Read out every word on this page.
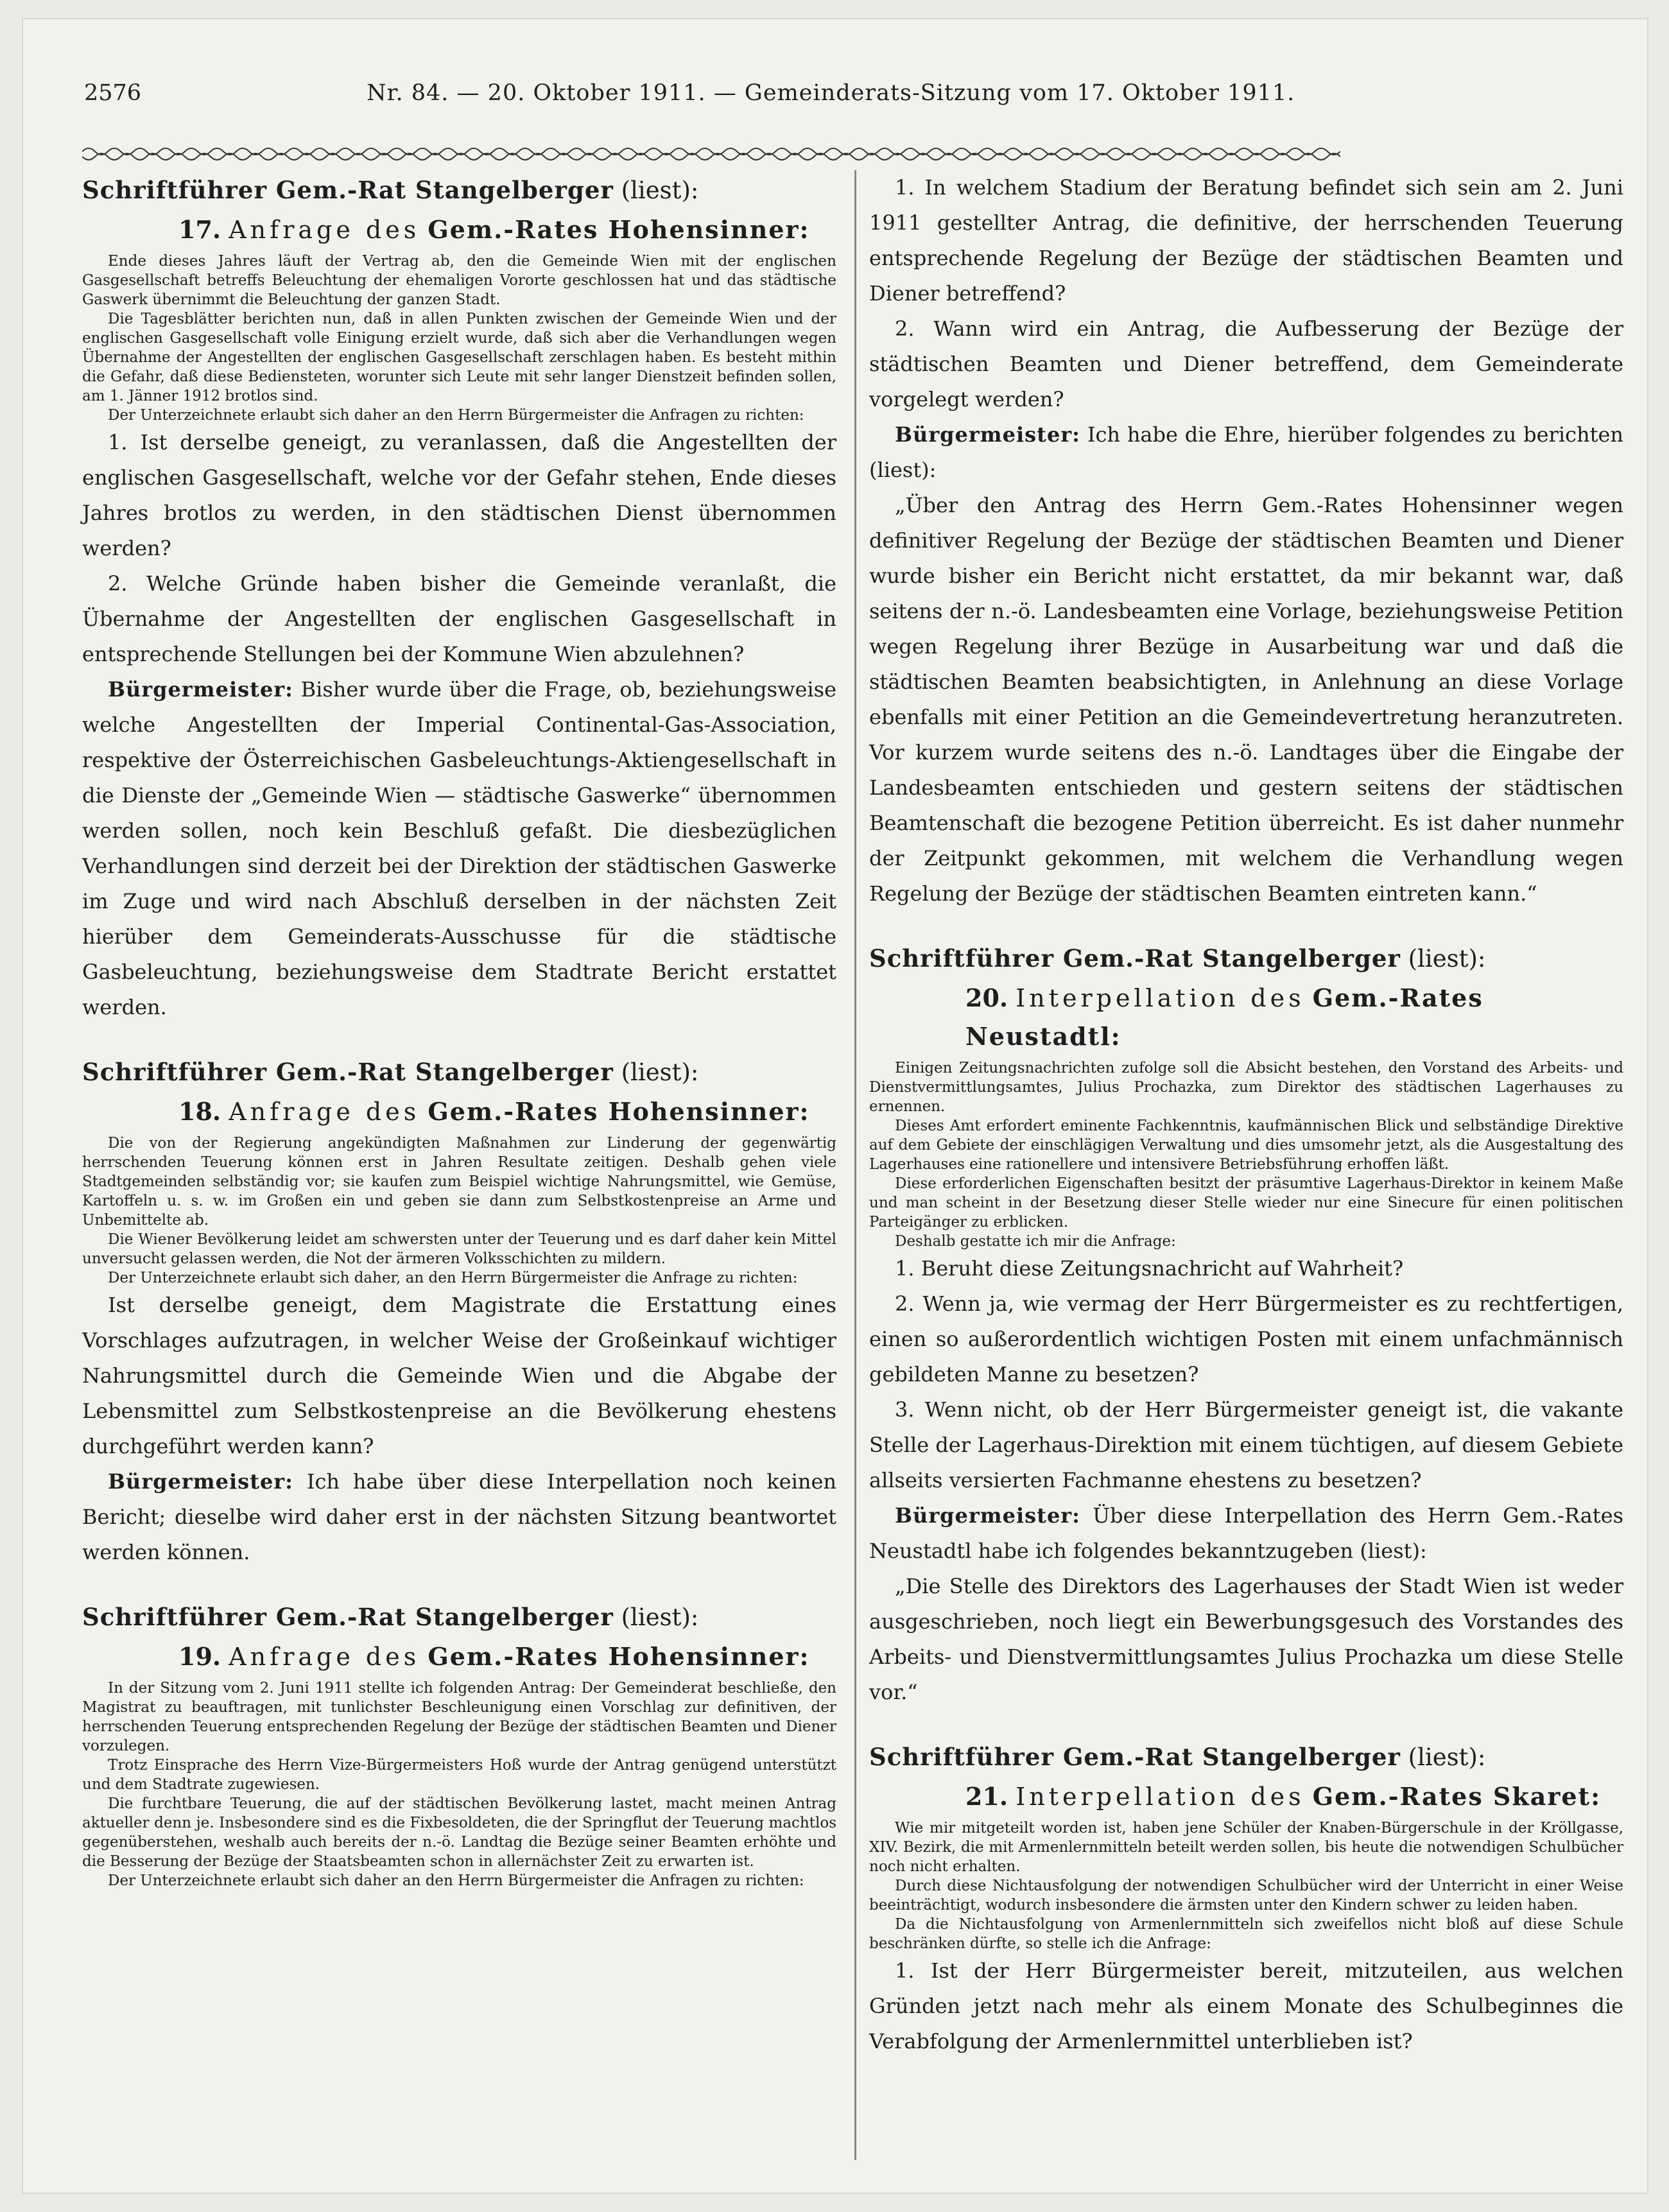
2576	Nr. 84. — 20. Oktober 1911. — Gemeinderats-Sitzung vom 17. Oktober 1911.

Schriftführer Gem.-Rat Stangelberger (liest):

17. Anfrage des Gem.-Rates Hohensinner:

Ende dieses Jahres läuft der Vertrag ab, den die Gemeinde Wien mit der englischen Gasgesellschaft betreffs Beleuchtung der ehemaligen Vororte geschlossen hat und das städtische Gaswerk übernimmt die Beleuchtung der ganzen Stadt.

Die Tagesblätter berichten nun, daß in allen Punkten zwischen der Gemeinde Wien und der englischen Gasgesellschaft volle Einigung erzielt wurde, daß sich aber die Verhandlungen wegen Übernahme der Angestellten der englischen Gasgesellschaft zerschlagen haben. Es besteht mithin die Gefahr, daß diese Bediensteten, worunter sich Leute mit sehr langer Dienstzeit befinden sollen, am 1. Jänner 1912 brotlos sind.

Der Unterzeichnete erlaubt sich daher an den Herrn Bürgermeister die Anfragen zu richten:

1. Ist derselbe geneigt, zu veranlassen, daß die Angestellten der englischen Gasgesellschaft, welche vor der Gefahr stehen, Ende dieses Jahres brotlos zu werden, in den städtischen Dienst übernommen werden?

2. Welche Gründe haben bisher die Gemeinde veranlaßt, die Übernahme der Angestellten der englischen Gasgesellschaft in entsprechende Stellungen bei der Kommune Wien abzulehnen?

Bürgermeister: Bisher wurde über die Frage, ob, beziehungsweise welche Angestellten der Imperial Continental-Gas-Association, respektive der Österreichischen Gasbeleuchtungs-Aktiengesellschaft in die Dienste der „Gemeinde Wien — städtische Gaswerke“ übernommen werden sollen, noch kein Beschluß gefaßt. Die diesbezüglichen Verhandlungen sind derzeit bei der Direktion der städtischen Gaswerke im Zuge und wird nach Abschluß derselben in der nächsten Zeit hierüber dem Gemeinderats-Ausschusse für die städtische Gasbeleuchtung, beziehungsweise dem Stadtrate Bericht erstattet werden.

Schriftführer Gem.-Rat Stangelberger (liest):

18. Anfrage des Gem.-Rates Hohensinner:

Die von der Regierung angekündigten Maßnahmen zur Linderung der gegenwärtig herrschenden Teuerung können erst in Jahren Resultate zeitigen. Deshalb gehen viele Stadtgemeinden selbständig vor; sie kaufen zum Beispiel wichtige Nahrungsmittel, wie Gemüse, Kartoffeln u. s. w. im Großen ein und geben sie dann zum Selbstkostenpreise an Arme und Unbemittelte ab.

Die Wiener Bevölkerung leidet am schwersten unter der Teuerung und es darf daher kein Mittel unversucht gelassen werden, die Not der ärmeren Volksschichten zu mildern.

Der Unterzeichnete erlaubt sich daher, an den Herrn Bürgermeister die Anfrage zu richten:

Ist derselbe geneigt, dem Magistrate die Erstattung eines Vorschlages aufzutragen, in welcher Weise der Großeinkauf wichtiger Nahrungsmittel durch die Gemeinde Wien und die Abgabe der Lebensmittel zum Selbstkostenpreise an die Bevölkerung ehestens durchgeführt werden kann?

Bürgermeister: Ich habe über diese Interpellation noch keinen Bericht; dieselbe wird daher erst in der nächsten Sitzung beantwortet werden können.

Schriftführer Gem.-Rat Stangelberger (liest):

19. Anfrage des Gem.-Rates Hohensinner:

In der Sitzung vom 2. Juni 1911 stellte ich folgenden Antrag: Der Gemeinderat beschließe, den Magistrat zu beauftragen, mit tunlichster Beschleunigung einen Vorschlag zur definitiven, der herrschenden Teuerung entsprechenden Regelung der Bezüge der städtischen Beamten und Diener vorzulegen.

Trotz Einsprache des Herrn Vize-Bürgermeisters Hoß wurde der Antrag genügend unterstützt und dem Stadtrate zugewiesen.

Die furchtbare Teuerung, die auf der städtischen Bevölkerung lastet, macht meinen Antrag aktueller denn je. Insbesondere sind es die Fixbesoldeten, die der Springflut der Teuerung machtlos gegenüberstehen, weshalb auch bereits der n.-ö. Landtag die Bezüge seiner Beamten erhöhte und die Besserung der Bezüge der Staatsbeamten schon in allernächster Zeit zu erwarten ist.

Der Unterzeichnete erlaubt sich daher an den Herrn Bürgermeister die Anfragen zu richten:

1. In welchem Stadium der Beratung befindet sich sein am 2. Juni 1911 gestellter Antrag, die definitive, der herrschenden Teuerung entsprechende Regelung der Bezüge der städtischen Beamten und Diener betreffend?

2. Wann wird ein Antrag, die Aufbesserung der Bezüge der städtischen Beamten und Diener betreffend, dem Gemeinderate vorgelegt werden?

Bürgermeister: Ich habe die Ehre, hierüber folgendes zu berichten (liest):

„Über den Antrag des Herrn Gem.-Rates Hohensinner wegen definitiver Regelung der Bezüge der städtischen Beamten und Diener wurde bisher ein Bericht nicht erstattet, da mir bekannt war, daß seitens der n.-ö. Landesbeamten eine Vorlage, beziehungsweise Petition wegen Regelung ihrer Bezüge in Ausarbeitung war und daß die städtischen Beamten beabsichtigten, in Anlehnung an diese Vorlage ebenfalls mit einer Petition an die Gemeindevertretung heranzutreten. Vor kurzem wurde seitens des n.-ö. Landtages über die Eingabe der Landesbeamten entschieden und gestern seitens der städtischen Beamtenschaft die bezogene Petition überreicht. Es ist daher nunmehr der Zeitpunkt gekommen, mit welchem die Verhandlung wegen Regelung der Bezüge der städtischen Beamten eintreten kann.“

Schriftführer Gem.-Rat Stangelberger (liest):

20. Interpellation des Gem.-Rates Neustadtl:

Einigen Zeitungsnachrichten zufolge soll die Absicht bestehen, den Vorstand des Arbeits- und Dienstvermittlungsamtes, Julius Prochazka, zum Direktor des städtischen Lagerhauses zu ernennen.

Dieses Amt erfordert eminente Fachkenntnis, kaufmännischen Blick und selbständige Direktive auf dem Gebiete der einschlägigen Verwaltung und dies umsomehr jetzt, als die Ausgestaltung des Lagerhauses eine rationellere und intensivere Betriebsführung erhoffen läßt.

Diese erforderlichen Eigenschaften besitzt der präsumtive Lagerhaus-Direktor in keinem Maße und man scheint in der Besetzung dieser Stelle wieder nur eine Sinecure für einen politischen Parteigänger zu erblicken.

Deshalb gestatte ich mir die Anfrage:

1. Beruht diese Zeitungsnachricht auf Wahrheit?

2. Wenn ja, wie vermag der Herr Bürgermeister es zu rechtfertigen, einen so außerordentlich wichtigen Posten mit einem unfachmännisch gebildeten Manne zu besetzen?

3. Wenn nicht, ob der Herr Bürgermeister geneigt ist, die vakante Stelle der Lagerhaus-Direktion mit einem tüchtigen, auf diesem Gebiete allseits versierten Fachmanne ehestens zu besetzen?

Bürgermeister: Über diese Interpellation des Herrn Gem.-Rates Neustadtl habe ich folgendes bekanntzugeben (liest):

„Die Stelle des Direktors des Lagerhauses der Stadt Wien ist weder ausgeschrieben, noch liegt ein Bewerbungsgesuch des Vorstandes des Arbeits- und Dienstvermittlungsamtes Julius Prochazka um diese Stelle vor.“

Schriftführer Gem.-Rat Stangelberger (liest):

21. Interpellation des Gem.-Rates Skaret:

Wie mir mitgeteilt worden ist, haben jene Schüler der Knaben-Bürgerschule in der Kröllgasse, XIV. Bezirk, die mit Armenlernmitteln beteilt werden sollen, bis heute die notwendigen Schulbücher noch nicht erhalten.

Durch diese Nichtausfolgung der notwendigen Schulbücher wird der Unterricht in einer Weise beeinträchtigt, wodurch insbesondere die ärmsten unter den Kindern schwer zu leiden haben.

Da die Nichtausfolgung von Armenlernmitteln sich zweifellos nicht bloß auf diese Schule beschränken dürfte, so stelle ich die Anfrage:

1. Ist der Herr Bürgermeister bereit, mitzuteilen, aus welchen Gründen jetzt nach mehr als einem Monate des Schulbeginnes die Verabfolgung der Armenlernmittel unterblieben ist?
